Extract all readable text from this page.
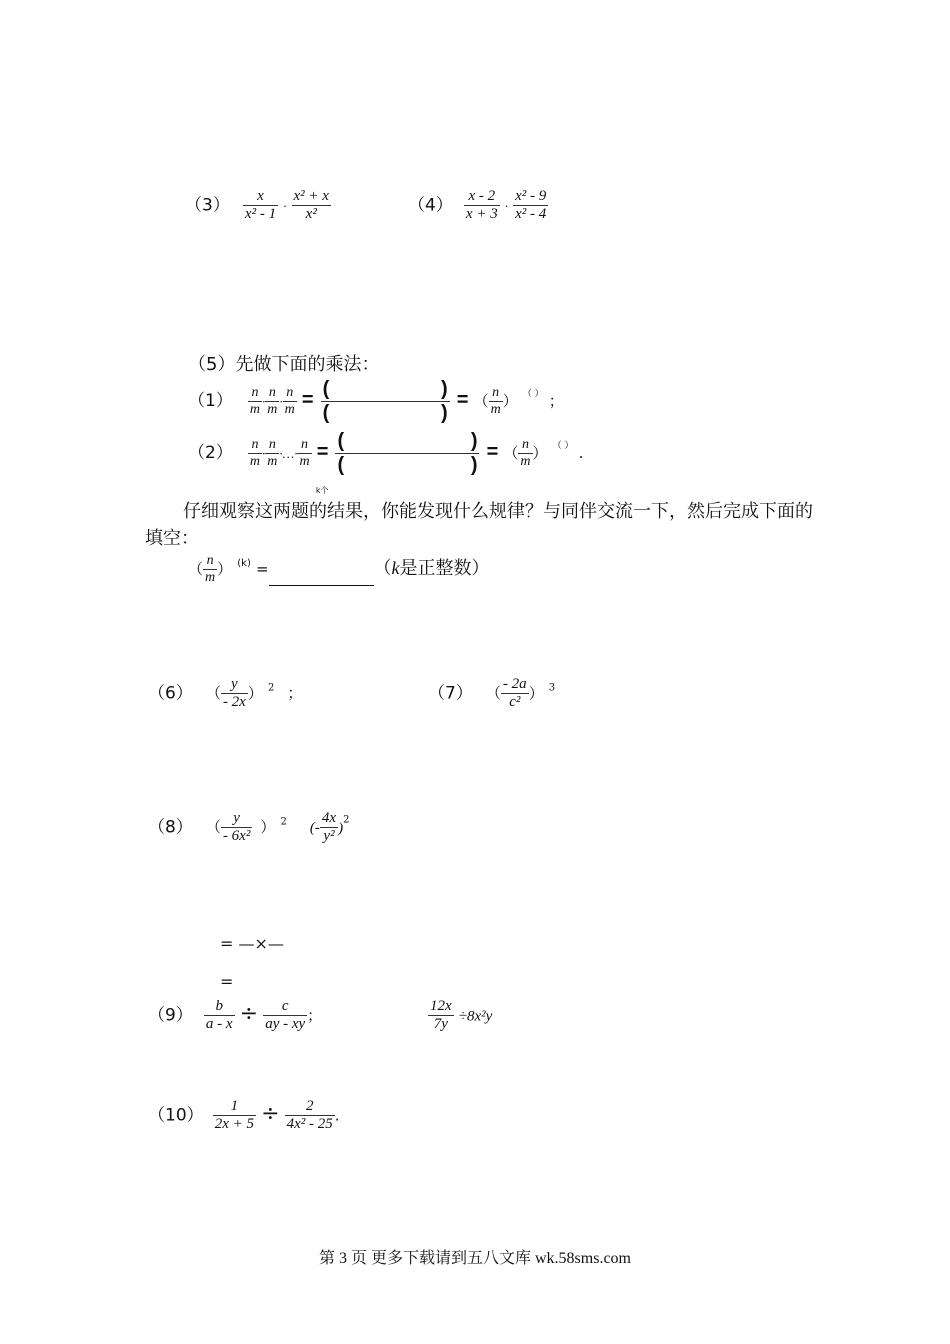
$(3) \frac{x}{\text{x² - 1}} \cdot \frac{\text{x² + x}}{\text{x²}}$	$(4) \frac{x - 2}{x + 3} \cdot \frac{\text{x² - 9}}{\text{x² - 4}}$
（5）先做下面的乘法：
$(1) \frac{n}{m} \cdot \frac{n}{m} \cdot \frac{n}{m}$ = (	)
(	) = （ $\frac{n}{m}$ ） （ ） ；
$(2) \frac{n}{m} \cdot \frac{n}{m}$ ·…· $\frac{n}{m}$
k个
= (	)
(	) = （ $\frac{n}{m}$ ） （ ） .
仔细观察这两题的结果，你能发现什么规律？与同伴交流一下，然后完成下面的填空：
（ $\frac{n}{m}$ ） $^{(k)}$ =	（k是正整数）
（6） （ $\frac{y}{- 2x}$ ） $^2$ ；	（7） （ $\frac{- 2a}{\text{c²}}$ ） $^3$
（8） （ $\frac{y}{\text{- 6x²}}$ ） $^2$ (- $\frac{4x}{\text{y²}} )^2$
= —×—
=
$(9) \frac{b}{a - x} \div \frac{c}{ay - xy}$ ；	$\frac{12x}{7y} \div 8x^2y$
$(10) \frac{1}{2x + 5} \div \frac{2}{\text{4x² - 25}}$ .
第 3 页 更多下载请到五八文库 wk.58sms.com
